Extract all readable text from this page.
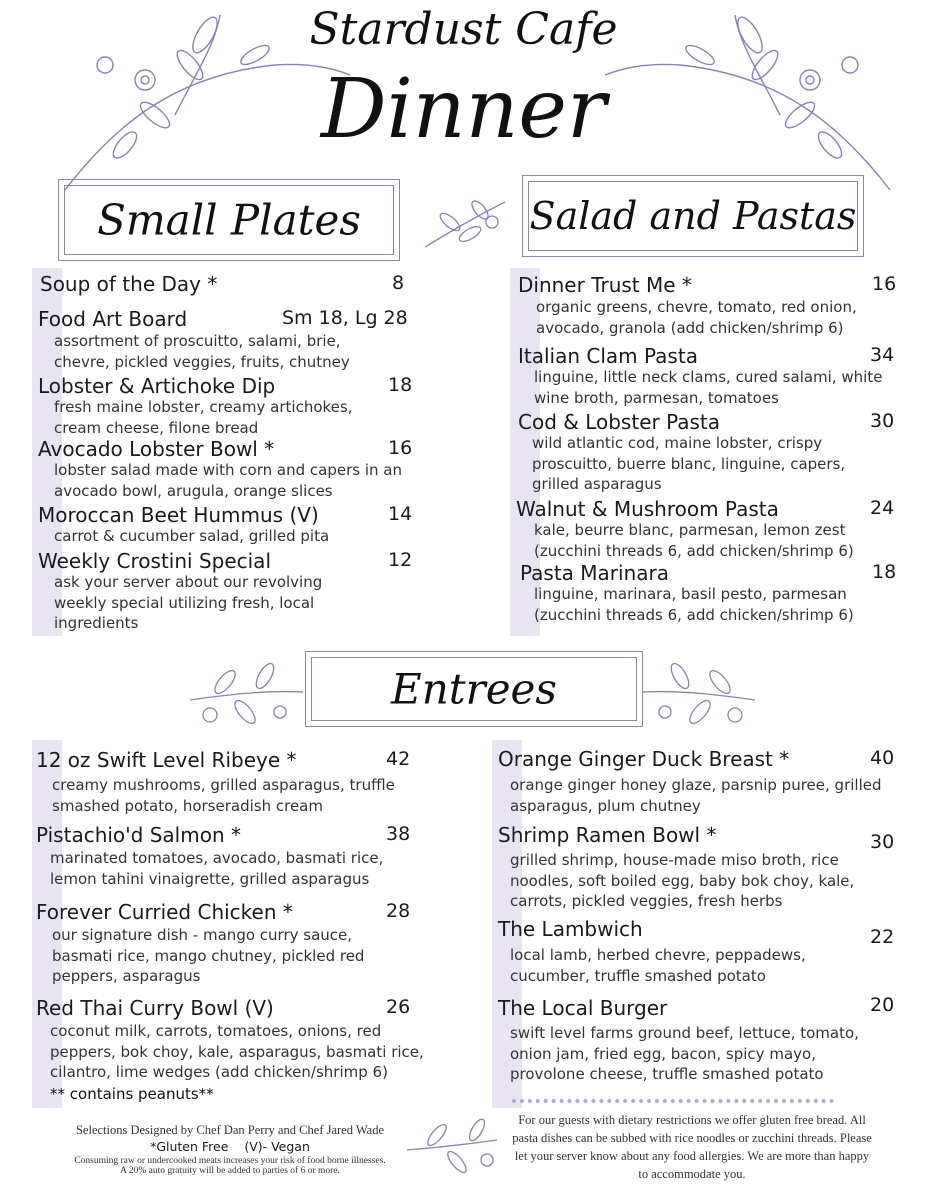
Stardust Cafe
Dinner
Small Plates	Salad and Pastas
Entrees
Soup of the Day *	8
Food Art Board	Sm 18, Lg 28
assortment of proscuitto, salami, brie, chevre, pickled veggies, fruits, chutney
Lobster & Artichoke Dip	18
fresh maine lobster, creamy artichokes, cream cheese, filone bread
Avocado Lobster Bowl *	16
lobster salad made with corn and capers in an avocado bowl, arugula, orange slices
Moroccan Beet Hummus (V)	14
carrot & cucumber salad, grilled pita
Weekly Crostini Special	12
ask your server about our revolving weekly special utilizing fresh, local ingredients
Dinner Trust Me *	16
organic greens, chevre, tomato, red onion, avocado, granola (add chicken/shrimp 6)
Italian Clam Pasta	34
linguine, little neck clams, cured salami, white wine broth, parmesan, tomatoes
Cod & Lobster Pasta	30
wild atlantic cod, maine lobster, crispy proscuitto, buerre blanc, linguine, capers, grilled asparagus
Walnut & Mushroom Pasta	24
kale, beurre blanc, parmesan, lemon zest (zucchini threads 6, add chicken/shrimp 6)
Pasta Marinara	18
linguine, marinara, basil pesto, parmesan (zucchini threads 6, add chicken/shrimp 6)
12 oz Swift Level Ribeye *	42
creamy mushrooms, grilled asparagus, truffle smashed potato, horseradish cream
Pistachio'd Salmon *	38
marinated tomatoes, avocado, basmati rice, lemon tahini vinaigrette, grilled asparagus
Forever Curried Chicken *	28
our signature dish - mango curry sauce, basmati rice, mango chutney, pickled red peppers, asparagus
Red Thai Curry Bowl (V)	26
coconut milk, carrots, tomatoes, onions, red peppers, bok choy, kale, asparagus, basmati rice, cilantro, lime wedges (add chicken/shrimp 6)
** contains peanuts**
Orange Ginger Duck Breast *	40
orange ginger honey glaze, parsnip puree, grilled asparagus, plum chutney
Shrimp Ramen Bowl *	30
grilled shrimp, house-made miso broth, rice noodles, soft boiled egg, baby bok choy, kale, carrots, pickled veggies, fresh herbs
The Lambwich	22
local lamb, herbed chevre, peppadews, cucumber, truffle smashed potato
The Local Burger	20
swift level farms ground beef, lettuce, tomato, onion jam, fried egg, bacon, spicy mayo, provolone cheese, truffle smashed potato
Selections Designed by Chef Dan Perry and Chef Jared Wade
*Gluten Free    (V)- Vegan
Consuming raw or undercooked meats increases your risk of food borne illnesses.
A 20% auto gratuity will be added to parties of 6 or more.
For our guests with dietary restrictions we offer gluten free bread. All pasta dishes can be subbed with rice noodles or zucchini threads. Please let your server know about any food allergies. We are more than happy to accommodate you.
